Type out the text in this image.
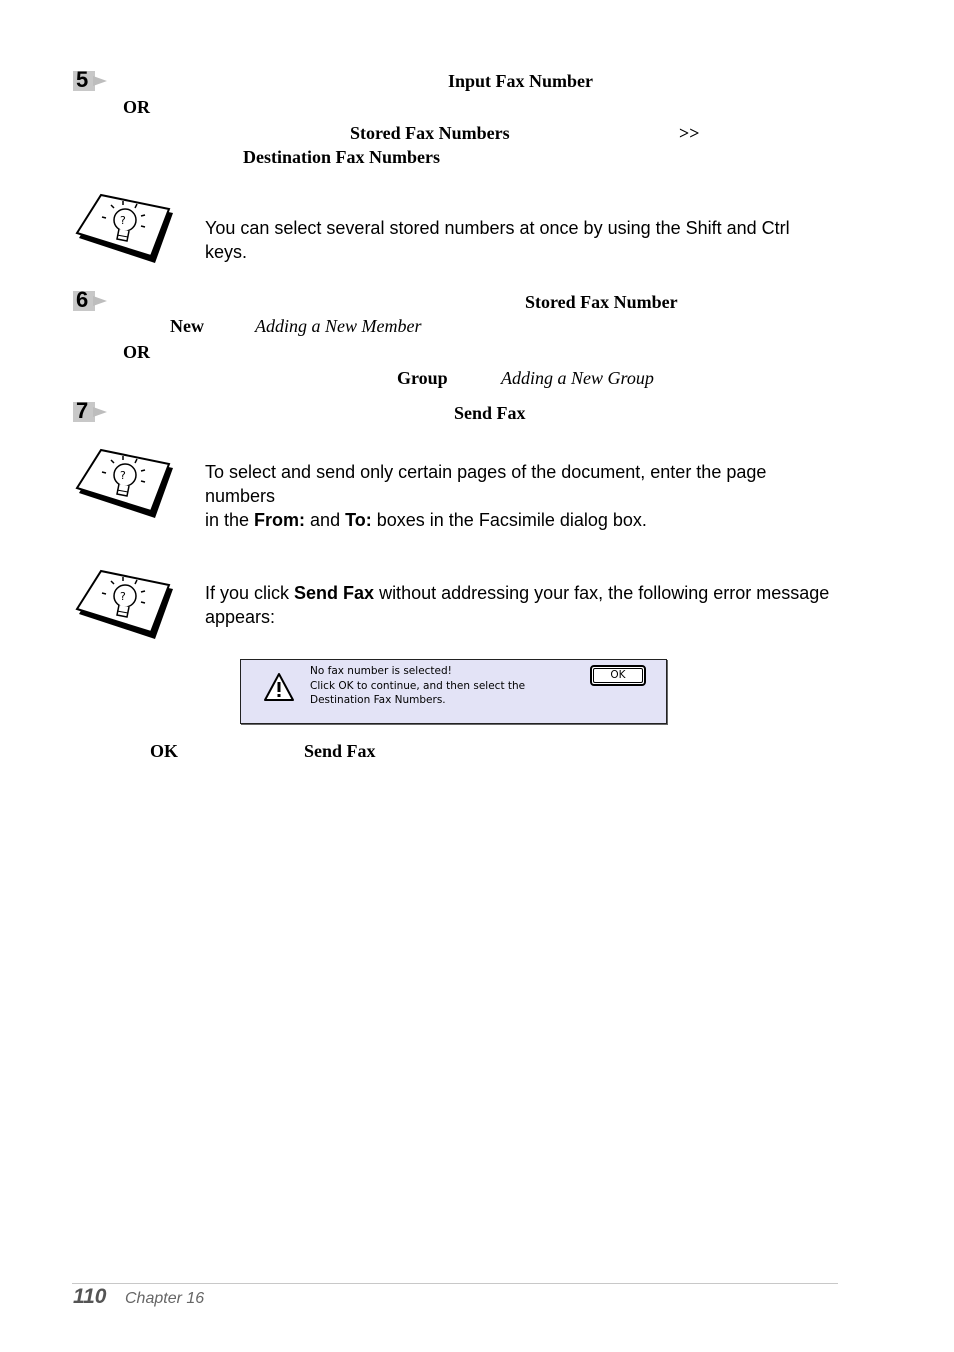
5	Input Fax Number
OR
Stored Fax Numbers	>>
Destination Fax Numbers
?	You can select several stored numbers at once by using the Shift and Ctrl keys.
6	Stored Fax Number
New	Adding a New Member
OR
Group	Adding a New Group
7	Send Fax
?	To select and send only certain pages of the document, enter the page numbers
in the From: and To: boxes in the Facsimile dialog box.
?	If you click Send Fax without addressing your fax, the following error message
appears:
No fax number is selected!
Click OK to continue, and then select the
Destination Fax Numbers.
OK
OK	Send Fax
110 Chapter 16
